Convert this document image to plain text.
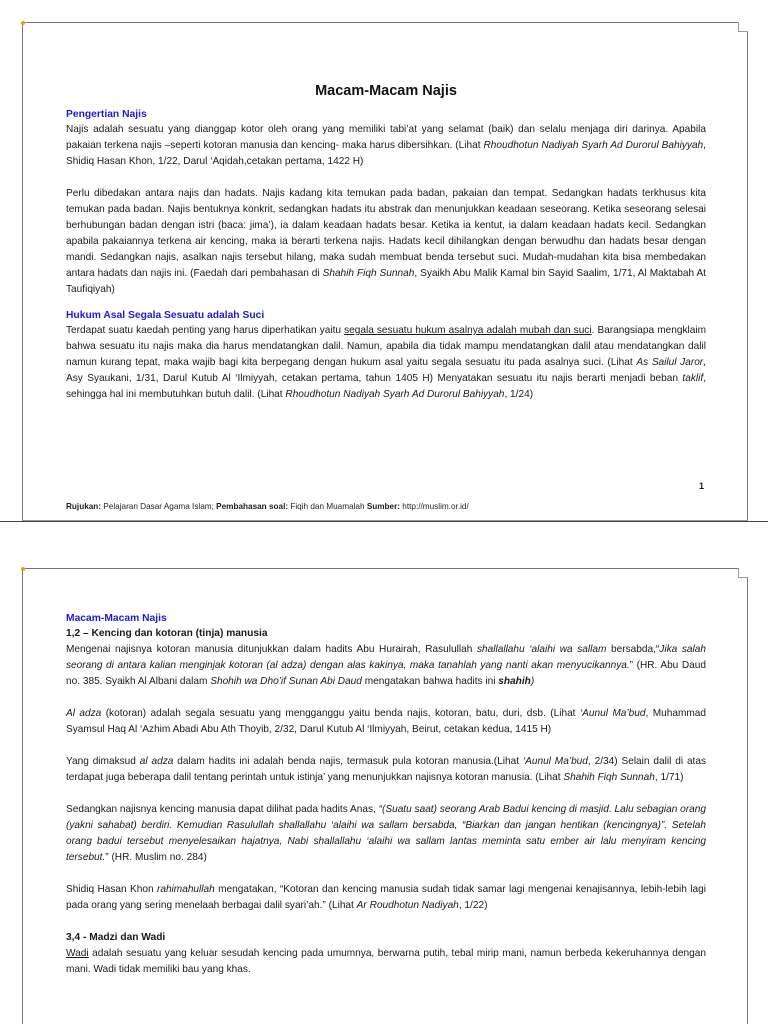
Macam-Macam Najis
Pengertian Najis

Najis adalah sesuatu yang dianggap kotor oleh orang yang memiliki tabi’at yang selamat (baik) dan selalu menjaga diri darinya. Apabila pakaian terkena najis –seperti kotoran manusia dan kencing- maka harus dibersihkan. (Lihat Rhoudhotun Nadiyah Syarh Ad Durorul Bahiyyah, Shidiq Hasan Khon, 1/22, Darul ‘Aqidah,cetakan pertama, 1422 H)

Perlu dibedakan antara najis dan hadats. Najis kadang kita temukan pada badan, pakaian dan tempat. Sedangkan hadats terkhusus kita temukan pada badan. Najis bentuknya konkrit, sedangkan hadats itu abstrak dan menunjukkan keadaan seseorang. Ketika seseorang selesai berhubungan badan dengan istri (baca: jima’), ia dalam keadaan hadats besar. Ketika ia kentut, ia dalam keadaan hadats kecil. Sedangkan apabila pakaiannya terkena air kencing, maka ia berarti terkena najis. Hadats kecil dihilangkan dengan berwudhu dan hadats besar dengan mandi. Sedangkan najis, asalkan najis tersebut hilang, maka sudah membuat benda tersebut suci. Mudah-mudahan kita bisa membedakan antara hadats dan najis ini. (Faedah dari pembahasan di Shahih Fiqh Sunnah, Syaikh Abu Malik Kamal bin Sayid Saalim, 1/71, Al Maktabah At Taufiqiyah)

Hukum Asal Segala Sesuatu adalah Suci

Terdapat suatu kaedah penting yang harus diperhatikan yaitu segala sesuatu hukum asalnya adalah mubah dan suci. Barangsiapa mengklaim bahwa sesuatu itu najis maka dia harus mendatangkan dalil. Namun, apabila dia tidak mampu mendatangkan dalil atau mendatangkan dalil namun kurang tepat, maka wajib bagi kita berpegang dengan hukum asal yaitu segala sesuatu itu pada asalnya suci. (Lihat As Sailul Jaror, Asy Syaukani, 1/31, Darul Kutub Al ‘Ilmiyyah, cetakan pertama, tahun 1405 H) Menyatakan sesuatu itu najis berarti menjadi beban taklif, sehingga hal ini membutuhkan butuh dalil. (Lihat Rhoudhotun Nadiyah Syarh Ad Durorul Bahiyyah, 1/24)

1
Rujukan: Pelajaran Dasar Agama Islam; Pembahasan soal: Fiqih dan Muamalah Sumber: http://muslim.or.id/
Macam-Macam Najis
1,2 – Kencing dan kotoran (tinja) manusia

Mengenai najisnya kotoran manusia ditunjukkan dalam hadits Abu Hurairah, Rasulullah shallallahu ‘alaihi wa sallam bersabda,“Jika salah seorang di antara kalian menginjak kotoran (al adza) dengan alas kakinya, maka tanahlah yang nanti akan menyucikannya.” (HR. Abu Daud no. 385. Syaikh Al Albani dalam Shohih wa Dho’if Sunan Abi Daud mengatakan bahwa hadits ini shahih)

Al adza (kotoran) adalah segala sesuatu yang mengganggu yaitu benda najis, kotoran, batu, duri, dsb. (Lihat ‘Aunul Ma’bud, Muhammad Syamsul Haq Al ‘Azhim Abadi Abu Ath Thoyib, 2/32, Darul Kutub Al ‘Ilmiyyah, Beirut, cetakan kedua, 1415 H)

Yang dimaksud al adza dalam hadits ini adalah benda najis, termasuk pula kotoran manusia.(Lihat ‘Aunul Ma’bud, 2/34) Selain dalil di atas terdapat juga beberapa dalil tentang perintah untuk istinja’ yang menunjukkan najisnya kotoran manusia. (Lihat Shahih Fiqh Sunnah, 1/71)

Sedangkan najisnya kencing manusia dapat dilihat pada hadits Anas, “(Suatu saat) seorang Arab Badui kencing di masjid. Lalu sebagian orang (yakni sahabat) berdiri. Kemudian Rasulullah shallallahu ‘alaihi wa sallam bersabda, “Biarkan dan jangan hentikan (kencingnya)”. Setelah orang badui tersebut menyelesaikan hajatnya, Nabi shallallahu ‘alaihi wa sallam lantas meminta satu ember air lalu menyiram kencing tersebut.” (HR. Muslim no. 284)

Shidiq Hasan Khon rahimahullah mengatakan, “Kotoran dan kencing manusia sudah tidak samar lagi mengenai kenajisannya, lebih-lebih lagi pada orang yang sering menelaah berbagai dalil syari’ah.” (Lihat Ar Roudhotun Nadiyah, 1/22)

3,4 - Madzi dan Wadi

Wadi adalah sesuatu yang keluar sesudah kencing pada umumnya, berwarna putih, tebal mirip mani, namun berbeda kekeruhannya dengan mani. Wadi tidak memiliki bau yang khas.
